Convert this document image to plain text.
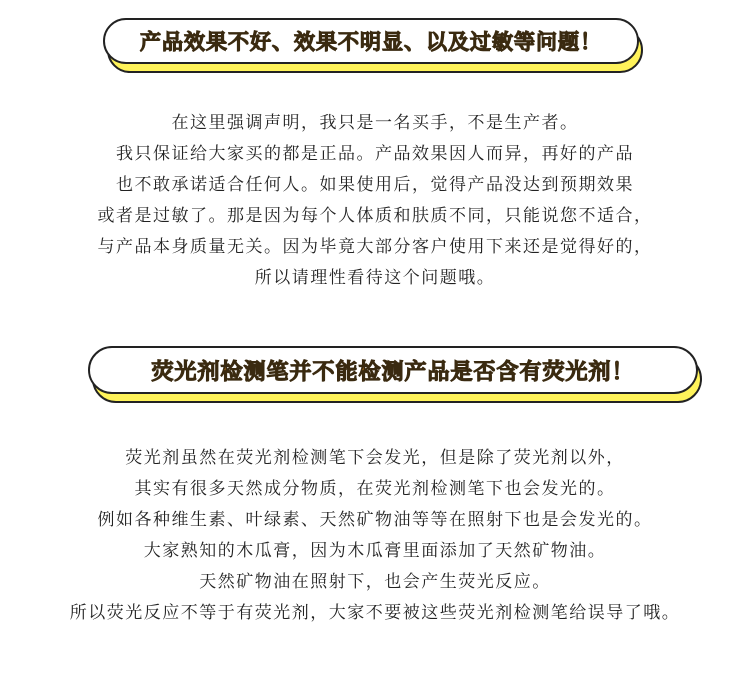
产品效果不好、效果不明显、以及过敏等问题！
在这里强调声明，我只是一名买手，不是生产者。
我只保证给大家买的都是正品。产品效果因人而异，再好的产品
也不敢承诺适合任何人。如果使用后，觉得产品没达到预期效果
或者是过敏了。那是因为每个人体质和肤质不同，只能说您不适合，
与产品本身质量无关。因为毕竟大部分客户使用下来还是觉得好的，
所以请理性看待这个问题哦。
荧光剂检测笔并不能检测产品是否含有荧光剂！
荧光剂虽然在荧光剂检测笔下会发光，但是除了荧光剂以外，
其实有很多天然成分物质，在荧光剂检测笔下也会发光的。
例如各种维生素、叶绿素、天然矿物油等等在照射下也是会发光的。
大家熟知的木瓜膏，因为木瓜膏里面添加了天然矿物油。
天然矿物油在照射下，也会产生荧光反应。
所以荧光反应不等于有荧光剂，大家不要被这些荧光剂检测笔给误导了哦。
